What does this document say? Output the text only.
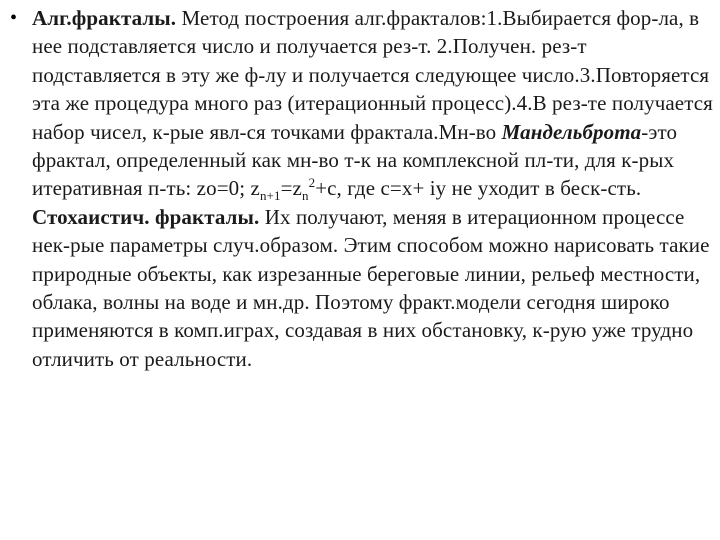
• Алг.фракталы. Метод построения алг.фракталов:1.Выбирается фор-ла, в нее подставляется число и получается рез-т. 2.Получен. рез-т подставляется в эту же ф-лу и получается следующее число.3.Повторяется эта же процедура много раз (итерационный процесс).4.В рез-те получается набор чисел, к-рые явл-ся точками фрактала.Мн-во Мандельброта-это фрактал, определенный как мн-во т-к на комплексной пл-ти, для к-рых итеративная п-ть: zo=0; $z_{n+1}=z_n^2+c$, где c=x+ iy не уходит в беск-сть. Стохаистич. фракталы. Их получают, меняя в итерационном процессе нек-рые параметры случ.образом. Этим способом можно нарисовать такие природные объекты, как изрезанные береговые линии, рельеф местности, облака, волны на воде и мн.др. Поэтому фракт.модели сегодня широко применяются в комп.играх, создавая в них обстановку, к-рую уже трудно отличить от реальности.
